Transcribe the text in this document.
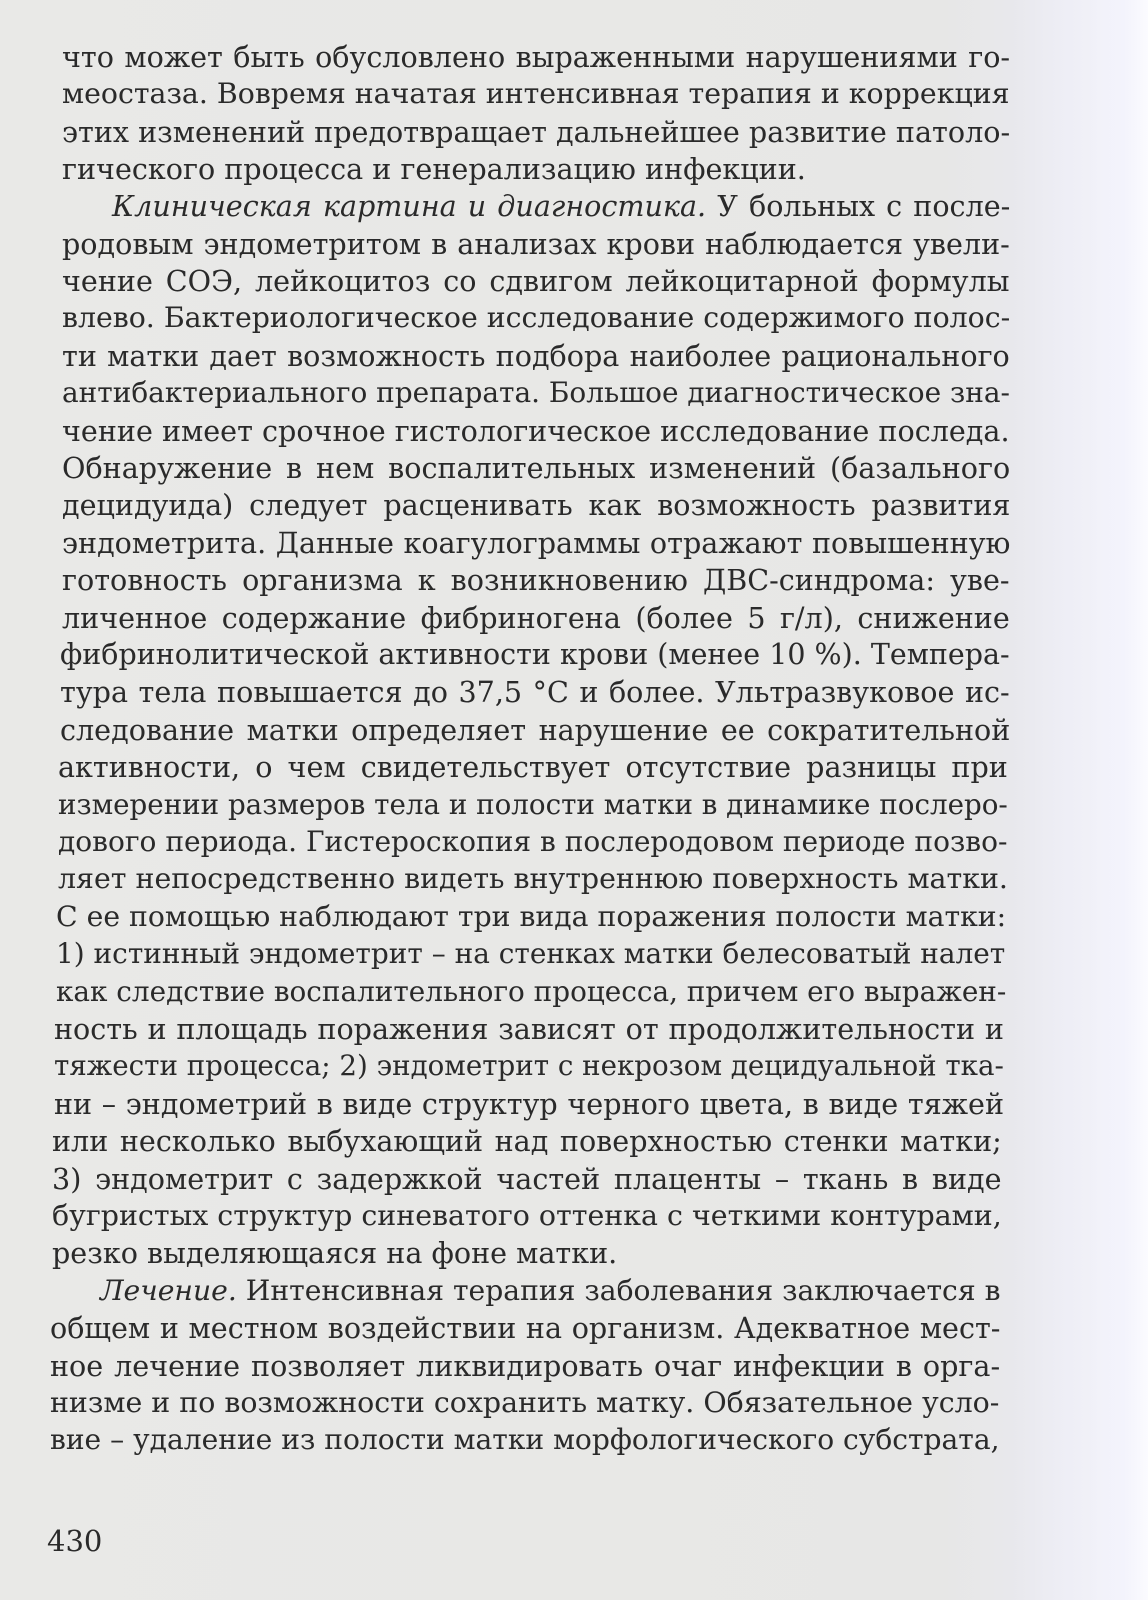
что может быть обусловлено выраженными нарушениями го-
меостаза. Вовремя начатая интенсивная терапия и коррекция
этих изменений предотвращает дальнейшее развитие патоло-
гического процесса и генерализацию инфекции.
Клиническая картина и диагностика. У больных с после-
родовым эндометритом в анализах крови наблюдается увели-
чение СОЭ, лейкоцитоз со сдвигом лейкоцитарной формулы
влево. Бактериологическое исследование содержимого полос-
ти матки дает возможность подбора наиболее рационального
антибактериального препарата. Большое диагностическое зна-
чение имеет срочное гистологическое исследование последа.
Обнаружение в нем воспалительных изменений (базального
децидуида) следует расценивать как возможность развития
эндометрита. Данные коагулограммы отражают повышенную
готовность организма к возникновению ДВС-синдрома: уве-
личенное содержание фибриногена (более 5 г/л), снижение
фибринолитической активности крови (менее 10 %). Темпера-
тура тела повышается до 37,5 °С и более. Ультразвуковое ис-
следование матки определяет нарушение ее сократительной
активности, о чем свидетельствует отсутствие разницы при
измерении размеров тела и полости матки в динамике послеро-
дового периода. Гистероскопия в послеродовом периоде позво-
ляет непосредственно видеть внутреннюю поверхность матки.
С ее помощью наблюдают три вида поражения полости матки:
1) истинный эндометрит – на стенках матки белесоватый налет
как следствие воспалительного процесса, причем его выражен-
ность и площадь поражения зависят от продолжительности и
тяжести процесса; 2) эндометрит с некрозом децидуальной тка-
ни – эндометрий в виде структур черного цвета, в виде тяжей
или несколько выбухающий над поверхностью стенки матки;
3) эндометрит с задержкой частей плаценты – ткань в виде
бугристых структур синеватого оттенка с четкими контурами,
резко выделяющаяся на фоне матки.
Лечение. Интенсивная терапия заболевания заключается в
общем и местном воздействии на организм. Адекватное мест-
ное лечение позволяет ликвидировать очаг инфекции в орга-
низме и по возможности сохранить матку. Обязательное усло-
вие – удаление из полости матки морфологического субстрата,
430
